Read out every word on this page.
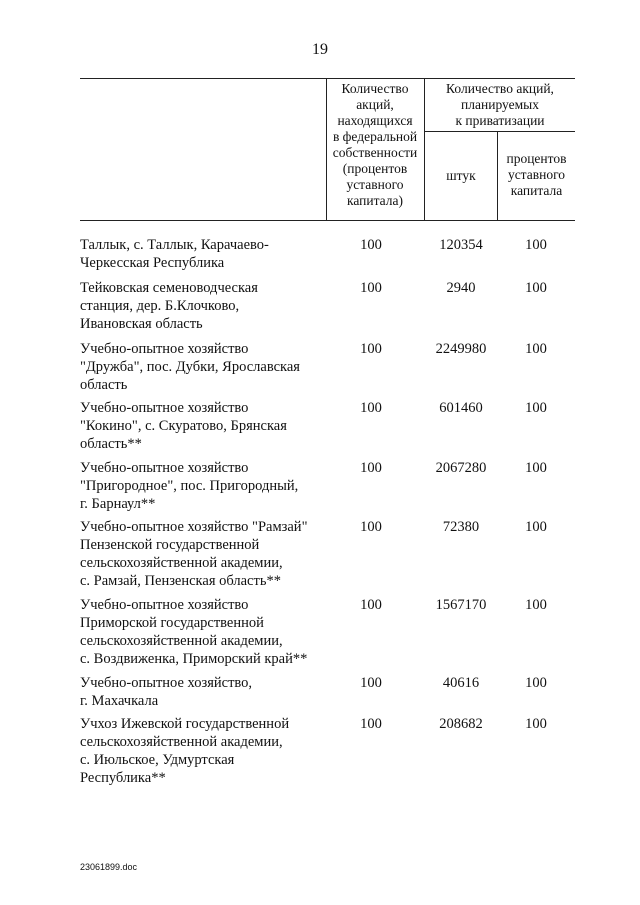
19
Количество
акций,
находящихся
в федеральной
собственности
(процентов
уставного
капитала)
Количество акций,
планируемых
к приватизации
штук
процентов
уставного
капитала
Таллык, с. Таллык, Карачаево-
Черкесская Республика
100	120354	100
Тейковская семеноводческая
станция, дер. Б.Клочково,
Ивановская область
100	2940	100
Учебно-опытное хозяйство
"Дружба", пос. Дубки, Ярославская
область
100	2249980	100
Учебно-опытное хозяйство
"Кокино", с. Скуратово, Брянская
область**
100	601460	100
Учебно-опытное хозяйство
"Пригородное", пос. Пригородный,
г. Барнаул**
100	2067280	100
Учебно-опытное хозяйство "Рамзай"
Пензенской государственной
сельскохозяйственной академии,
с. Рамзай, Пензенская область**
100	72380	100
Учебно-опытное хозяйство
Приморской государственной
сельскохозяйственной академии,
с. Воздвиженка, Приморский край**
100	1567170	100
Учебно-опытное хозяйство,
г. Махачкала
100	40616	100
Учхоз Ижевской государственной
сельскохозяйственной академии,
с. Июльское, Удмуртская
Республика**
100	208682	100
23061899.doc
